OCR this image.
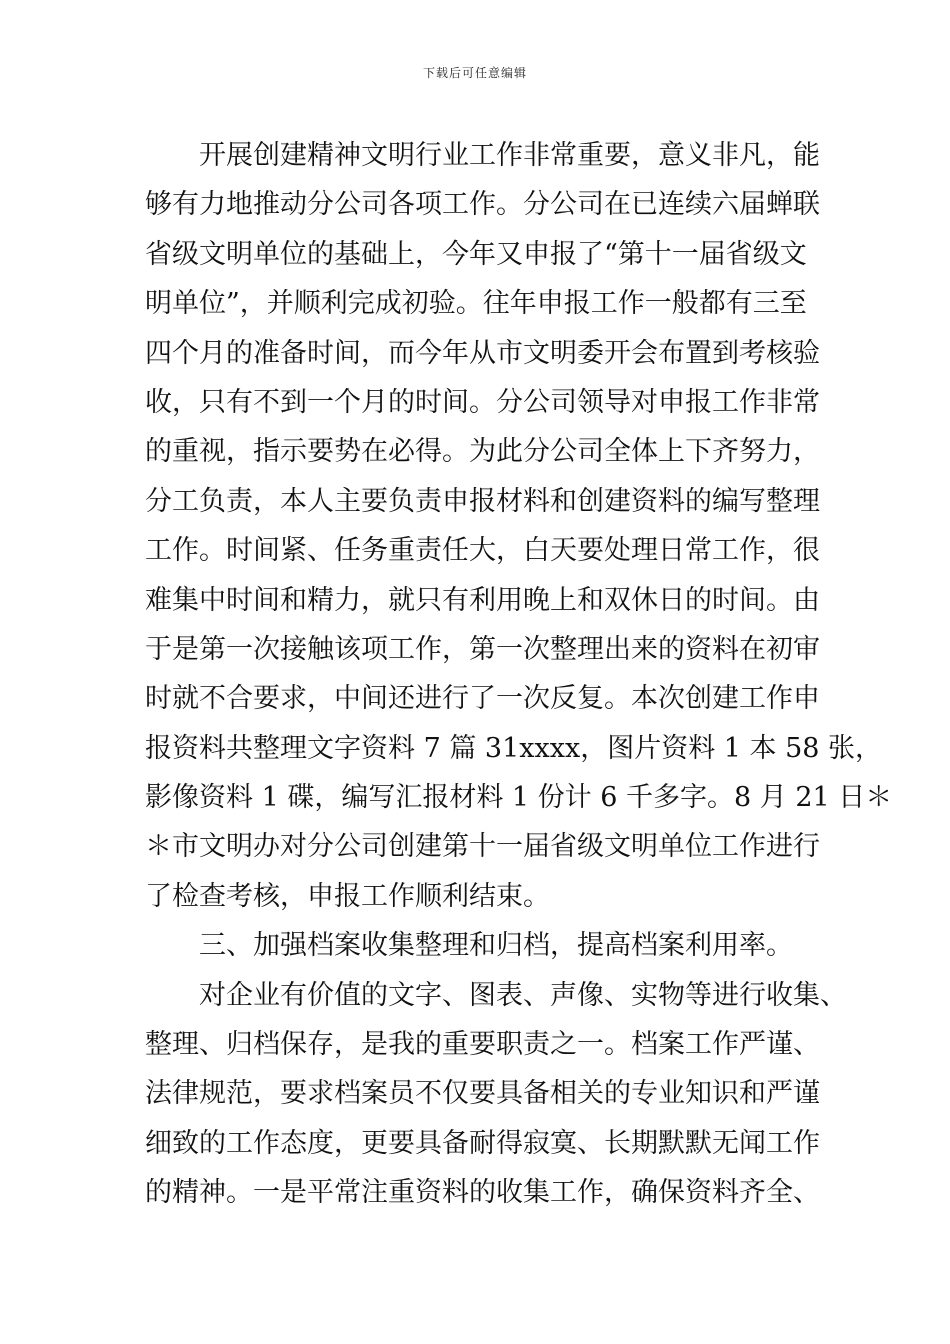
下载后可任意编辑
开展创建精神文明行业工作非常重要，意义非凡，能
够有力地推动分公司各项工作。分公司在已连续六届蝉联
省级文明单位的基础上，今年又申报了“第十一届省级文
明单位”，并顺利完成初验。往年申报工作一般都有三至
四个月的准备时间，而今年从市文明委开会布置到考核验
收，只有不到一个月的时间。分公司领导对申报工作非常
的重视，指示要势在必得。为此分公司全体上下齐努力，
分工负责，本人主要负责申报材料和创建资料的编写整理
工作。时间紧、任务重责任大，白天要处理日常工作，很
难集中时间和精力，就只有利用晚上和双休日的时间。由
于是第一次接触该项工作，第一次整理出来的资料在初审
时就不合要求，中间还进行了一次反复。本次创建工作申
报资料共整理文字资料 7 篇 31xxxx，图片资料 1 本 58 张，
影像资料 1 碟，编写汇报材料 1 份计 6 千多字。8 月 21 日＊
＊市文明办对分公司创建第十一届省级文明单位工作进行
了检查考核，申报工作顺利结束。
三、加强档案收集整理和归档，提高档案利用率。
对企业有价值的文字、图表、声像、实物等进行收集、
整理、归档保存，是我的重要职责之一。档案工作严谨、
法律规范，要求档案员不仅要具备相关的专业知识和严谨
细致的工作态度，更要具备耐得寂寞、长期默默无闻工作
的精神。一是平常注重资料的收集工作，确保资料齐全、
